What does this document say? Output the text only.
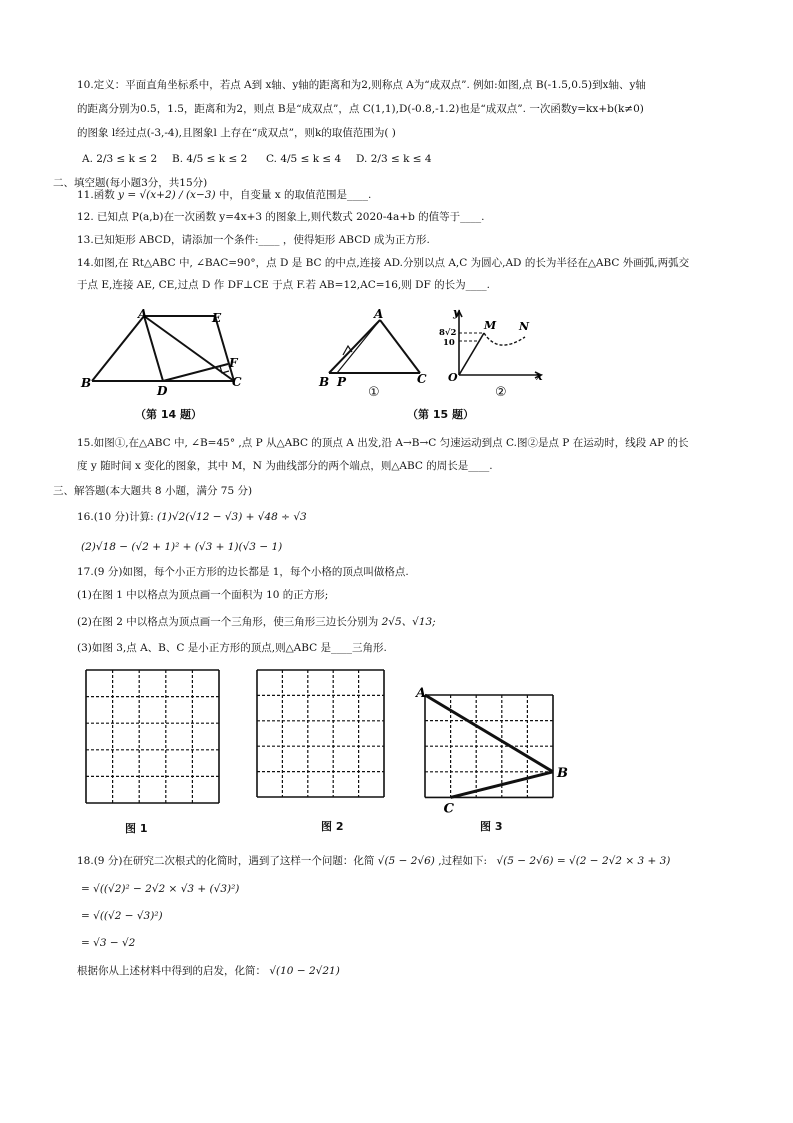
10.定义：平面直角坐标系中，若点 A到 x轴、y轴的距离和为2,则称点 A为“成双点”. 例如:如图,点 B(-1.5,0.5)到x轴、y轴
的距离分别为0.5，1.5，距离和为2，则点 B是“成双点”，点 C(1,1),D(-0.8,-1.2)也是“成双点”. 一次函数y=kx+b(k≠0)
的图象 l经过点(-3,-4),且图象l 上存在“成双点”，则k的取值范围为( )
A. 2/3 ≤ k ≤ 2 B. 4/5 ≤ k ≤ 2 C. 4/5 ≤ k ≤ 4 D. 2/3 ≤ k ≤ 4
二、填空题(每小题3分，共15分)
11.函数 y = √(x+2) / (x−3) 中，自变量 x 的取值范围是____.
12. 已知点 P(a,b)在一次函数 y=4x+3 的图象上,则代数式 2020-4a+b 的值等于____.
13.已知矩形 ABCD，请添加一个条件:____ ，使得矩形 ABCD 成为正方形.
14.如图,在 Rt△ABC 中, ∠BAC=90°，点 D 是 BC 的中点,连接 AD.分别以点 A,C 为圆心,AD 的长为半径在△ABC 外画弧,两弧交
于点 E,连接 AE, CE,过点 D 作 DF⊥CE 于点 F.若 AB=12,AC=16,则 DF 的长为____.
A
B	C
D
E
F
（第 14 题）
A
B	C
P
①
y
x
O
M N
8√2
10
②
（第 15 题）
15.如图①,在△ABC 中, ∠B=45° ,点 P 从△ABC 的顶点 A 出发,沿 A→B→C 匀速运动到点 C.图②是点 P 在运动时，线段 AP 的长
度 y 随时间 x 变化的图象，其中 M，N 为曲线部分的两个端点，则△ABC 的周长是____.
三、解答题(本大题共 8 小题，满分 75 分)
16.(10 分)计算: (1)√2(√12 − √3) + √48 ÷ √3
(2)√18 − (√2 + 1)² + (√3 + 1)(√3 − 1)
17.(9 分)如图，每个小正方形的边长都是 1，每个小格的顶点叫做格点.
(1)在图 1 中以格点为顶点画一个面积为 10 的正方形;
(2)在图 2 中以格点为顶点画一个三角形，使三角形三边长分别为 2√5、√13;
(3)如图 3,点 A、B、C 是小正方形的顶点,则△ABC 是____三角形.
A
B
C
图 1	图 2	图 3
18.(9 分)在研究二次根式的化简时，遇到了这样一个问题：化简 √(5 − 2√6) ,过程如下: √(5 − 2√6) = √(2 − 2√2 × 3 + 3)
= √((√2)² − 2√2 × √3 + (√3)²)
= √((√2 − √3)²)
= √3 − √2
根据你从上述材料中得到的启发，化简： √(10 − 2√21)
